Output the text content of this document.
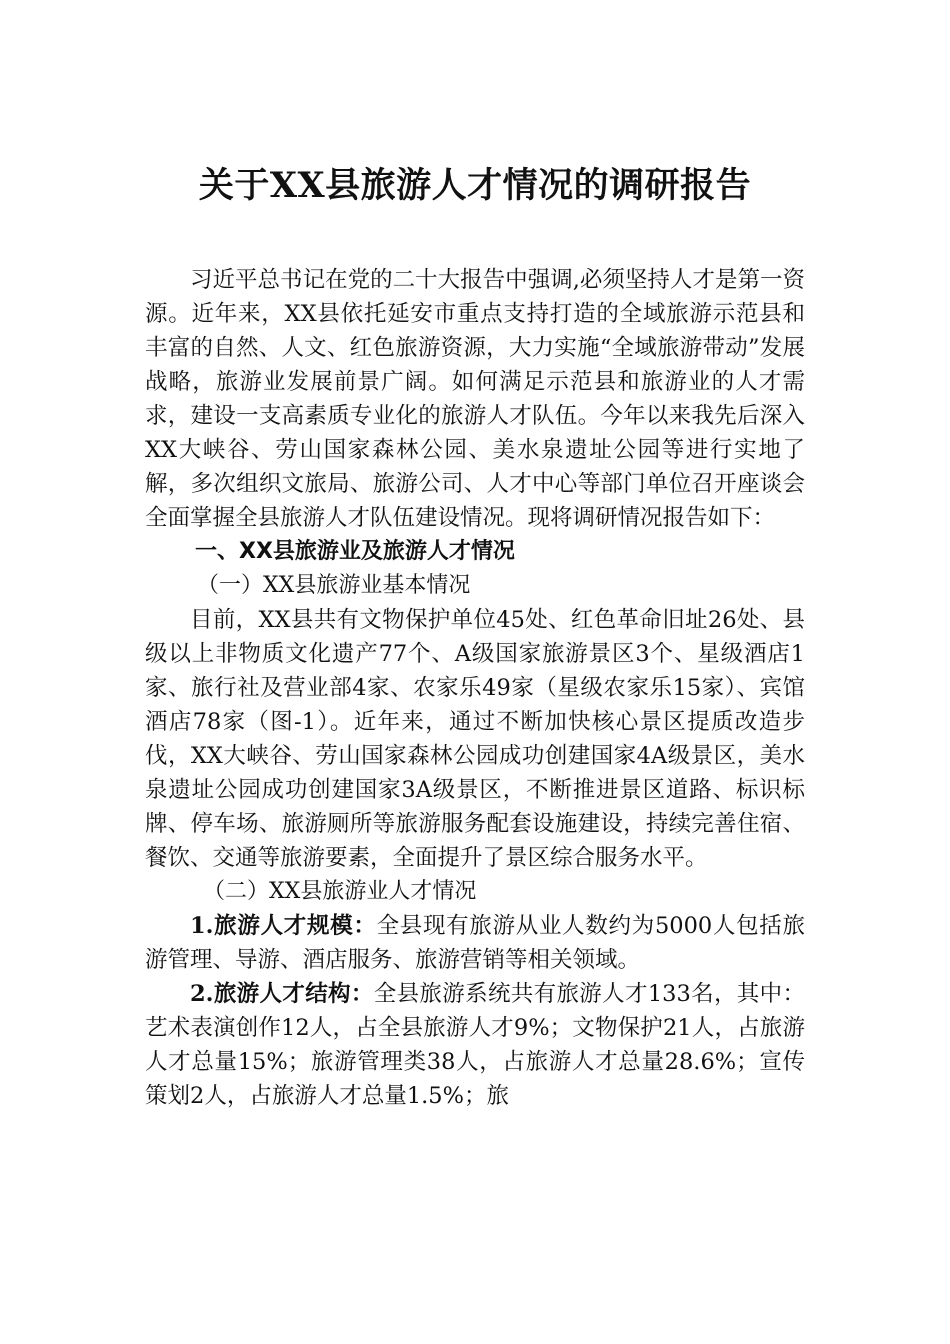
关于XX县旅游人才情况的调研报告

习近平总书记在党的二十大报告中强调,必须坚持人才是第一资源。近年来，XX县依托延安市重点支持打造的全域旅游示范县和丰富的自然、人文、红色旅游资源，大力实施“全域旅游带动”发展战略，旅游业发展前景广阔。如何满足示范县和旅游业的人才需求，建设一支高素质专业化的旅游人才队伍。今年以来我先后深入XX大峡谷、劳山国家森林公园、美水泉遗址公园等进行实地了解，多次组织文旅局、旅游公司、人才中心等部门单位召开座谈会全面掌握全县旅游人才队伍建设情况。现将调研情况报告如下：

一、XX县旅游业及旅游人才情况

（一）XX县旅游业基本情况

目前，XX县共有文物保护单位45处、红色革命旧址26处、县级以上非物质文化遗产77个、A级国家旅游景区3个、星级酒店1家、旅行社及营业部4家、农家乐49家（星级农家乐15家）、宾馆酒店78家（图-1）。近年来，通过不断加快核心景区提质改造步伐，XX大峡谷、劳山国家森林公园成功创建国家4A级景区，美水泉遗址公园成功创建国家3A级景区，不断推进景区道路、标识标牌、停车场、旅游厕所等旅游服务配套设施建设，持续完善住宿、餐饮、交通等旅游要素，全面提升了景区综合服务水平。

（二）XX县旅游业人才情况

1.旅游人才规模：全县现有旅游从业人数约为5000人包括旅游管理、导游、酒店服务、旅游营销等相关领域。

2.旅游人才结构：全县旅游系统共有旅游人才133名，其中：艺术表演创作12人，占全县旅游人才9%；文物保护21人，占旅游人才总量15%；旅游管理类38人，占旅游人才总量28.6%；宣传策划2人，占旅游人才总量1.5%；旅
